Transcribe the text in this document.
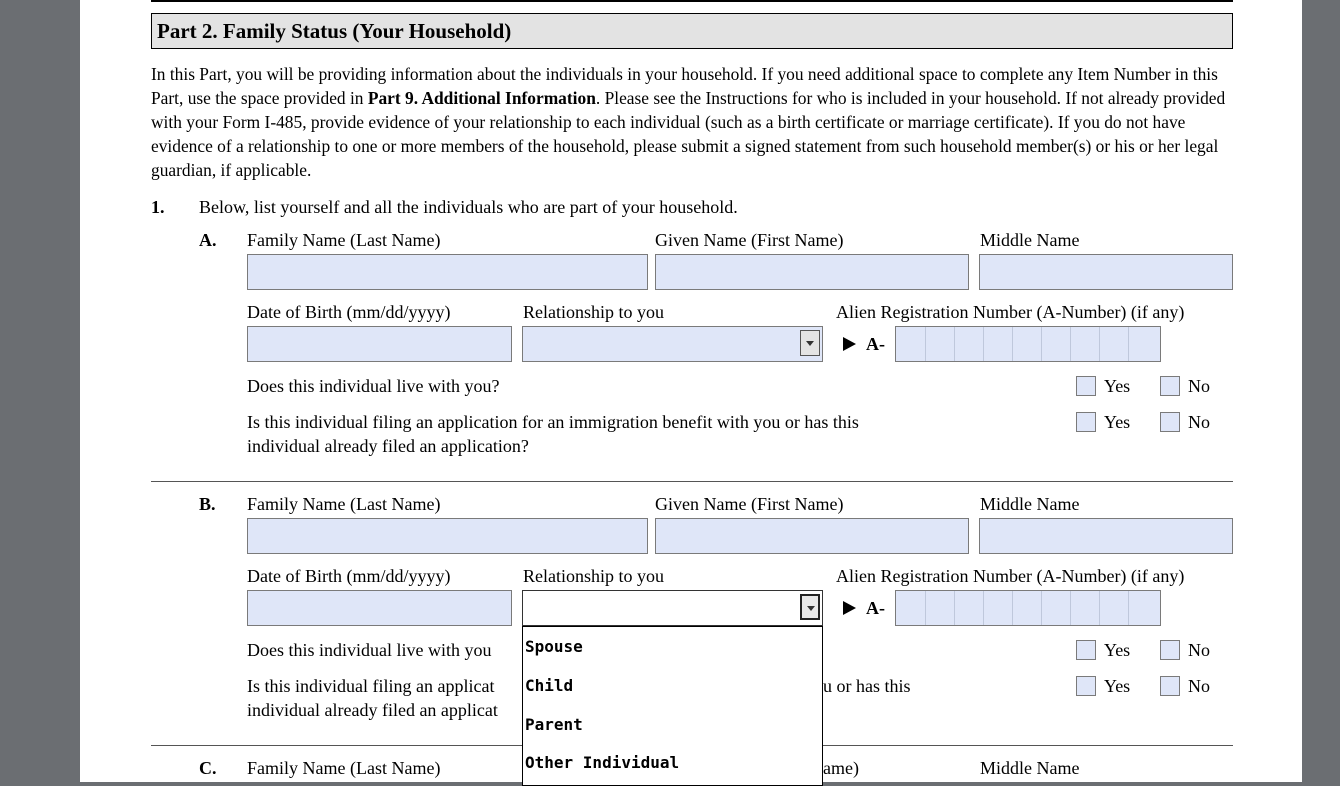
Part 2. Family Status (Your Household)
In this Part, you will be providing information about the individuals in your household. If you need additional space to complete any Item Number in this Part, use the space provided in Part 9. Additional Information. Please see the Instructions for who is included in your household. If not already provided with your Form I-485, provide evidence of your relationship to each individual (such as a birth certificate or marriage certificate). If you do not have evidence of a relationship to one or more members of the household, please submit a signed statement from such household member(s) or his or her legal guardian, if applicable.
1. Below, list yourself and all the individuals who are part of your household.
A. Family Name (Last Name)	Given Name (First Name)	Middle Name
Date of Birth (mm/dd/yyyy)	Relationship to you	Alien Registration Number (A-Number) (if any)
A-
Does this individual live with you?	Yes	No
Is this individual filing an application for an immigration benefit with you or has this
individual already filed an application?
Yes	No
B. Family Name (Last Name)	Given Name (First Name)	Middle Name
Date of Birth (mm/dd/yyyy)	Relationship to you	Alien Registration Number (A-Number) (if any)
A-
Does this individual live with you	Yes	No
Is this individual filing an applicat	u or has this
individual already filed an applicat
Yes	No
C. Family Name (Last Name)	ame)	Middle Name
Spouse
Child
Parent
Other Individual
